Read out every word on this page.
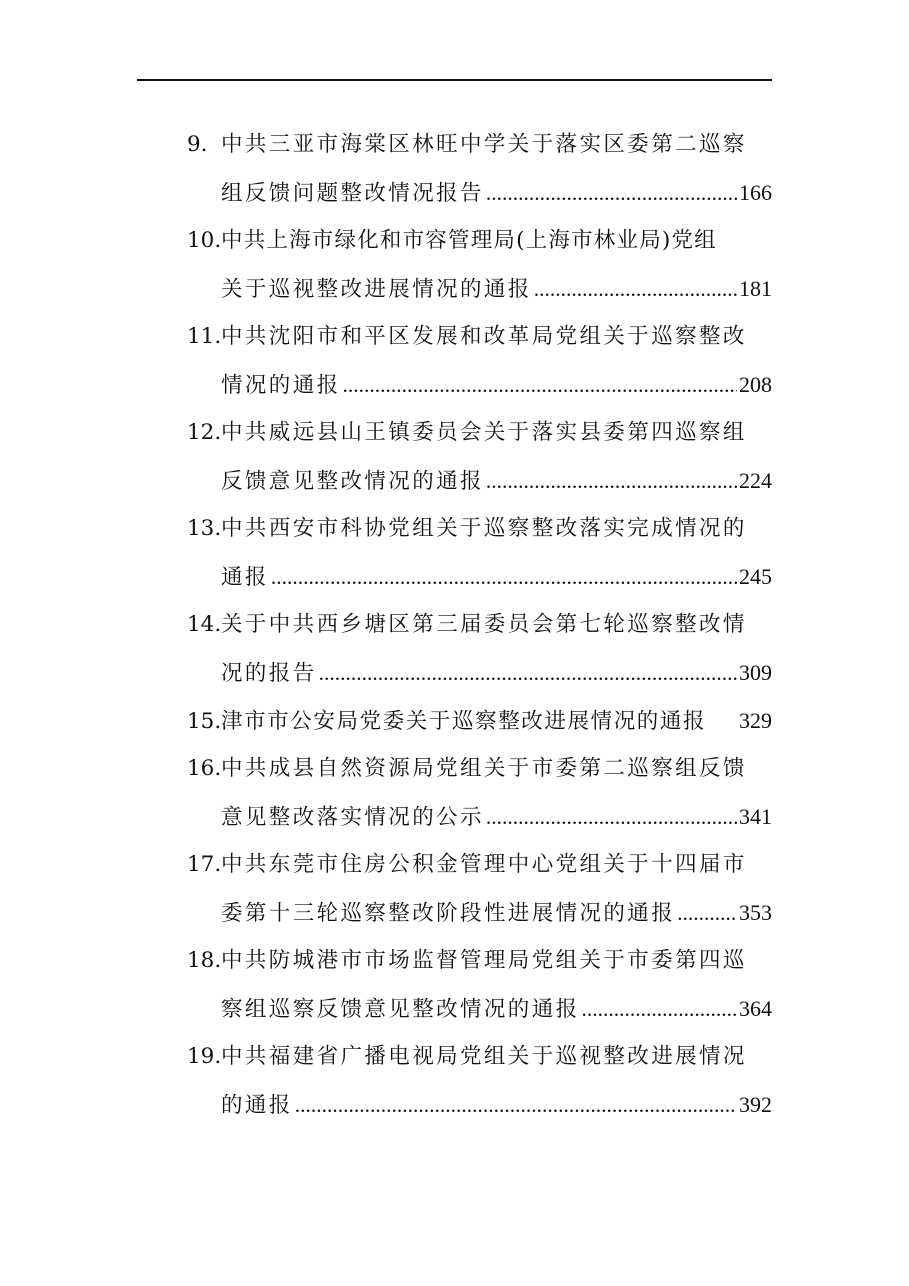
9. 中共三亚市海棠区林旺中学关于落实区委第二巡察
组反馈问题整改情况报告 .....	166
10. 中共上海市绿化和市容管理局(上海市林业局)党组
关于巡视整改进展情况的通报 .....	181
11. 中共沈阳市和平区发展和改革局党组关于巡察整改
情况的通报 .....	208
12. 中共威远县山王镇委员会关于落实县委第四巡察组
反馈意见整改情况的通报 .....	224
13. 中共西安市科协党组关于巡察整改落实完成情况的
通报 .....	245
14. 关于中共西乡塘区第三届委员会第七轮巡察整改情
况的报告 .....	309
15. 津市市公安局党委关于巡察整改进展情况的通报 329
16. 中共成县自然资源局党组关于市委第二巡察组反馈
意见整改落实情况的公示 .....	341
17. 中共东莞市住房公积金管理中心党组关于十四届市
委第十三轮巡察整改阶段性进展情况的通报 .....	353
18. 中共防城港市市场监督管理局党组关于市委第四巡
察组巡察反馈意见整改情况的通报 .....	364
19. 中共福建省广播电视局党组关于巡视整改进展情况
的通报 .....	392
